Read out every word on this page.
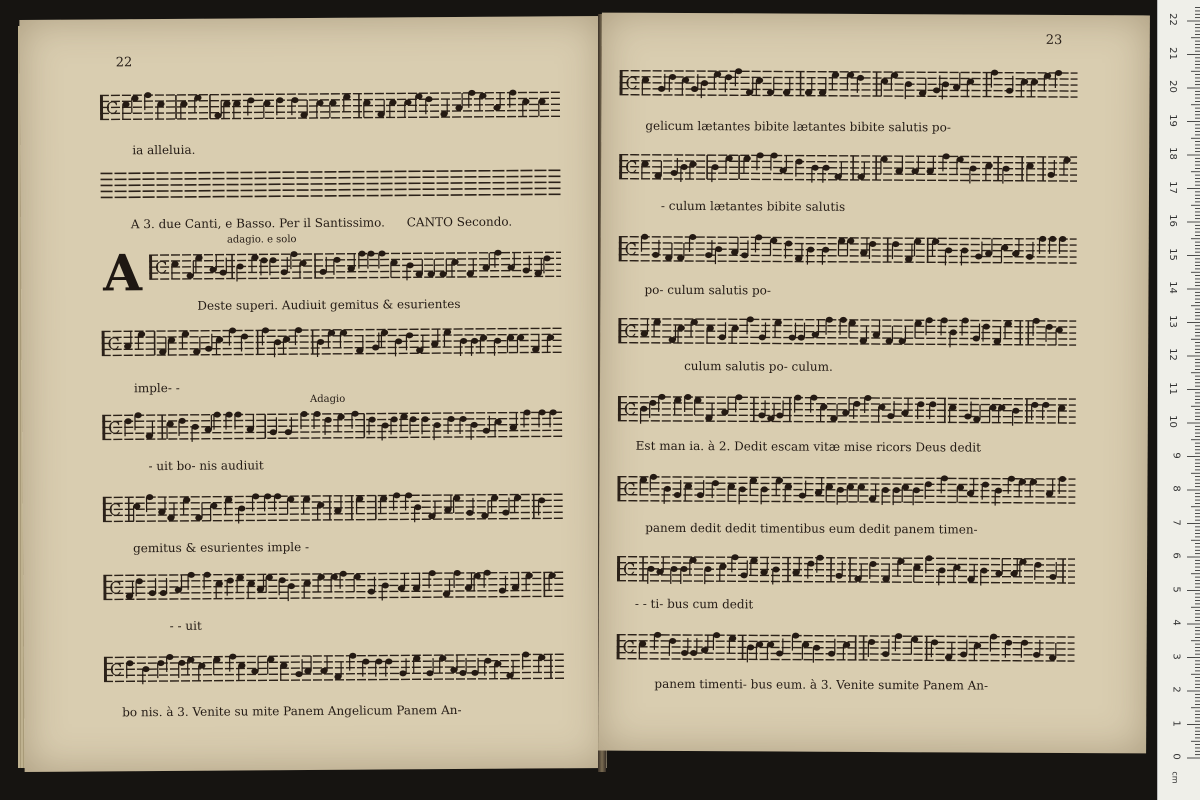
22
C
ia alleluia.
A 3. due Canti, e Basso. Per il Santissimo. CANTO Secondo.
adagio. e solo
A C
Deste superi. Audiuit gemitus & esurientes
C
imple- -
Adagio
C
- uit bo- nis audiuit
C
gemitus & esurientes imple -
C
- - uit
C
bo nis. à 3. Venite su mite Panem Angelicum Panem An-
23
C
gelicum lætantes bibite lætantes bibite salutis po-
C
- culum lætantes bibite salutis
C
po- culum salutis po-
C
culum salutis po- culum.
C
Est man ia. à 2. Dedit escam vitæ mise ricors Deus dedit
C
panem dedit dedit timentibus eum dedit panem timen-
C
- - ti- bus cum dedit
C
panem timenti- bus eum. à 3. Venite sumite Panem An-
0
1
2
3
4
5
6
7
8
9
10
11
12
13
14
15
16
17
18
19
20
21
22
cm
